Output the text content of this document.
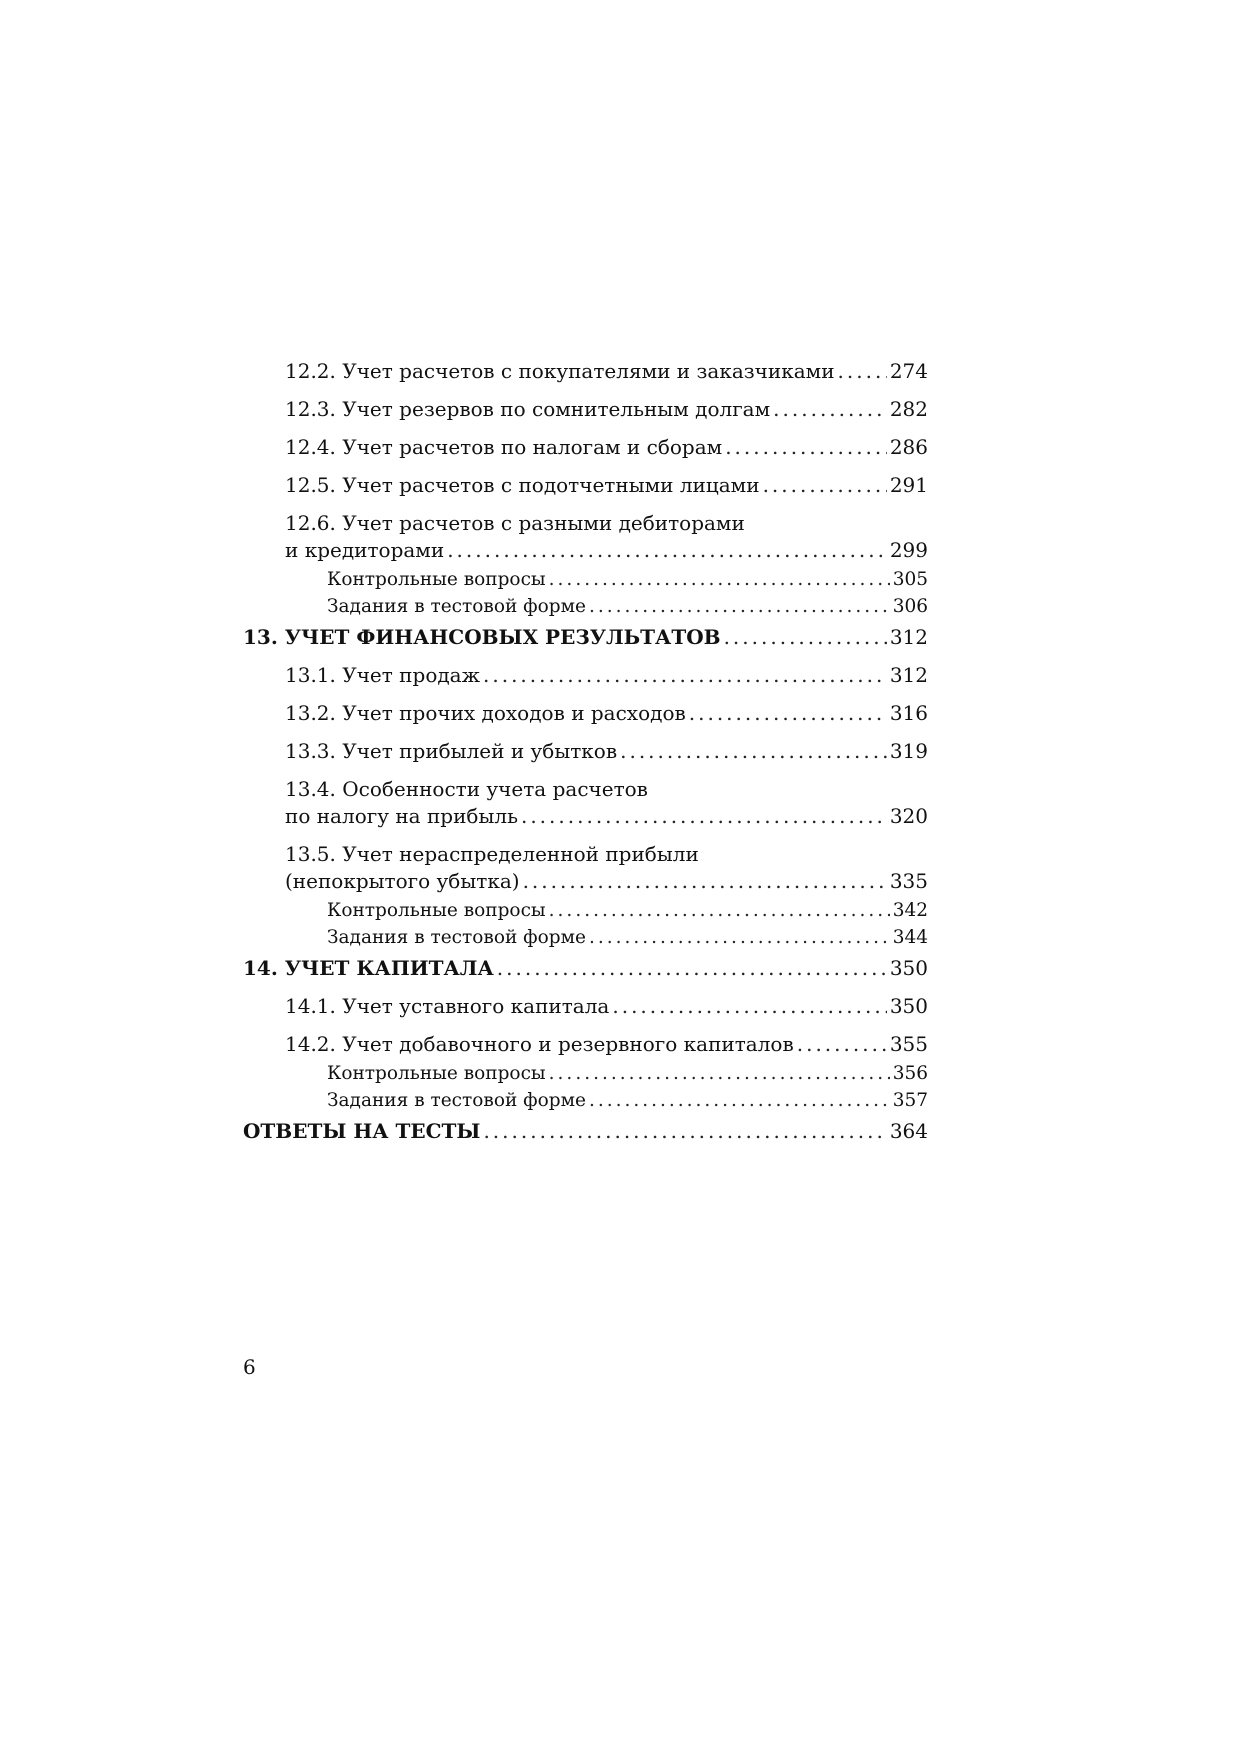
12.2. Учет расчетов с покупателями и заказчиками .....	274
12.3. Учет резервов по сомнительным долгам .....	282
12.4. Учет расчетов по налогам и сборам .....	286
12.5. Учет расчетов с подотчетными лицами .....	291
12.6. Учет расчетов с разными дебиторами
и кредиторами .....	299
Контрольные вопросы .....	305
Задания в тестовой форме .....	306
13. УЧЕТ ФИНАНСОВЫХ РЕЗУЛЬТАТОВ .....	312
13.1. Учет продаж .....	312
13.2. Учет прочих доходов и расходов .....	316
13.3. Учет прибылей и убытков .....	319
13.4. Особенности учета расчетов
по налогу на прибыль .....	320
13.5. Учет нераспределенной прибыли
(непокрытого убытка) .....	335
Контрольные вопросы .....	342
Задания в тестовой форме .....	344
14. УЧЕТ КАПИТАЛА .....	350
14.1. Учет уставного капитала .....	350
14.2. Учет добавочного и резервного капиталов .....	355
Контрольные вопросы .....	356
Задания в тестовой форме .....	357
ОТВЕТЫ НА ТЕСТЫ .....	364
6
